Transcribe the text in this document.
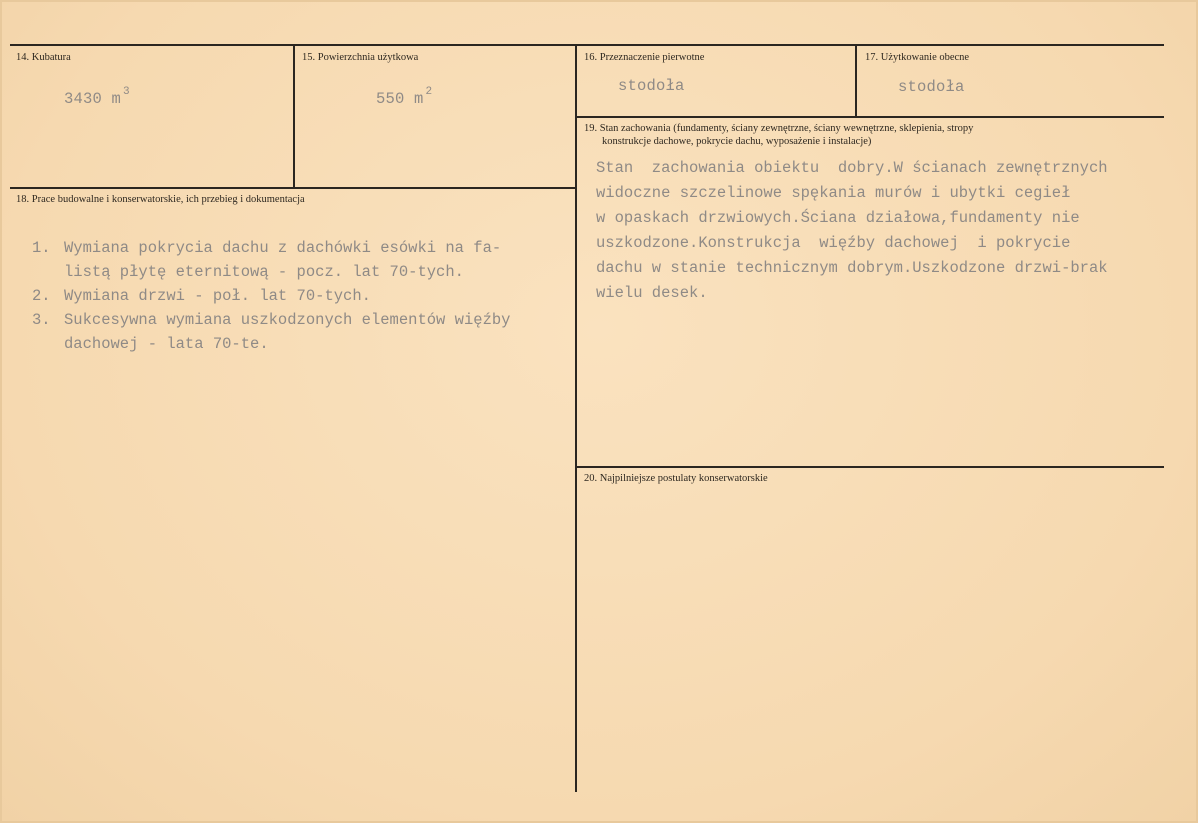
14. Kubatura
3430 m $^3$
15. Powierzchnia użytkowa
550 m $^2$
16. Przeznaczenie pierwotne
stodoła
17. Użytkowanie obecne
stodoła
18. Prace budowalne i konserwatorskie, ich przebieg i dokumentacja
1. Wymiana pokrycia dachu z dachówki esówki na fa-
listą płytę eternitową - pocz. lat 70-tych.
2. Wymiana drzwi - poł. lat 70-tych.
3. Sukcesywna wymiana uszkodzonych elementów więźby
dachowej - lata 70-te.
19. Stan zachowania (fundamenty, ściany zewnętrzne, ściany wewnętrzne, sklepienia, stropy
konstrukcje dachowe, pokrycie dachu, wyposażenie i instalacje)
Stan  zachowania obiektu  dobry.W ścianach zewnętrznych
widoczne szczelinowe spękania murów i ubytki cegieł
w opaskach drzwiowych.Ściana działowa,fundamenty nie
uszkodzone.Konstrukcja  więźby dachowej  i pokrycie
dachu w stanie technicznym dobrym.Uszkodzone drzwi-brak
wielu desek.
20. Najpilniejsze postulaty konserwatorskie
